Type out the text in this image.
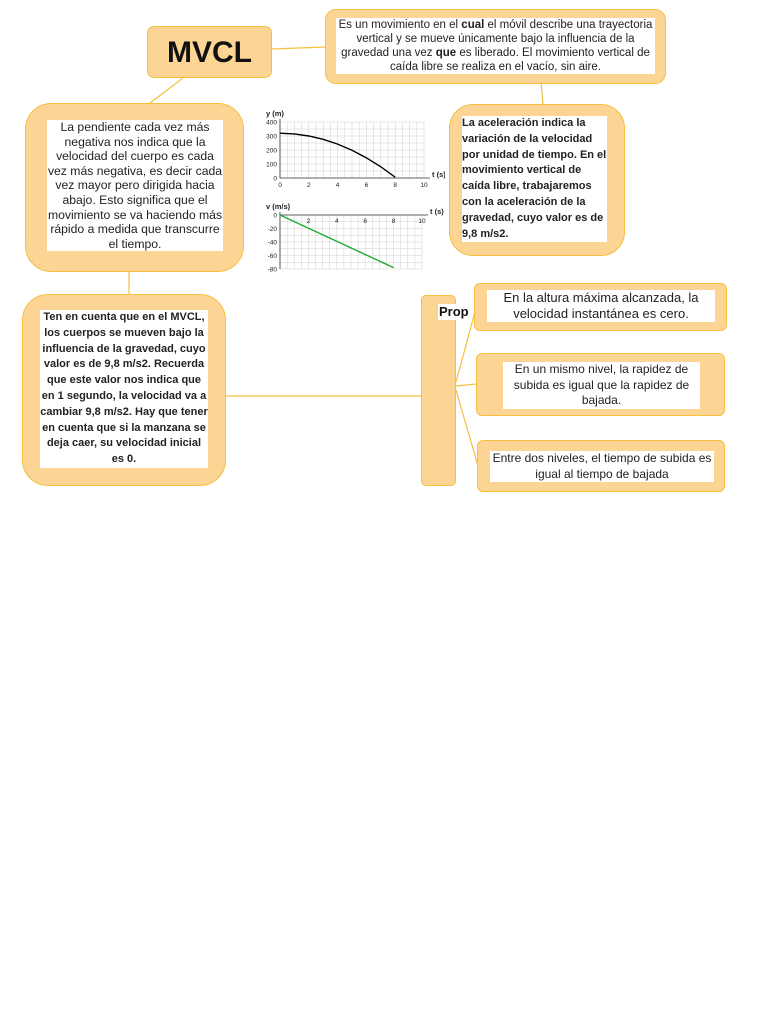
MVCL
Es un movimiento en el cual el móvil describe una trayectoria vertical y se mueve únicamente bajo la influencia de la gravedad una vez que es liberado. El movimiento vertical de caída libre se realiza en el vacío, sin aire.
La pendiente cada vez más negativa nos indica que la velocidad del cuerpo es cada vez más negativa, es decir cada vez mayor pero dirigida hacia abajo. Esto significa que el movimiento se va haciendo más rápido a medida que transcurre el tiempo.
0
100
200
300
400
0	2	4	6	8	10
y (m)
t (s)
0
-20
-40
-60
-80
2	4	6	8	10
v (m/s)
t (s)
La aceleración indica la variación de la velocidad por unidad de tiempo. En el movimiento vertical de caída libre, trabajaremos con la aceleración de la gravedad, cuyo valor es de 9,8 m/s2.
Ten en cuenta que en el MVCL, los cuerpos se mueven bajo la influencia de la gravedad, cuyo valor es de 9,8 m/s2. Recuerda que este valor nos indica que en 1 segundo, la velocidad va a cambiar 9,8 m/s2. Hay que tener en cuenta que si la manzana se deja caer, su velocidad inicial es 0.
Prop
En la altura máxima alcanzada, la velocidad instantánea es cero.
En un mismo nivel, la rapidez de subida es igual que la rapidez de bajada.
Entre dos niveles, el tiempo de subida es igual al tiempo de bajada
